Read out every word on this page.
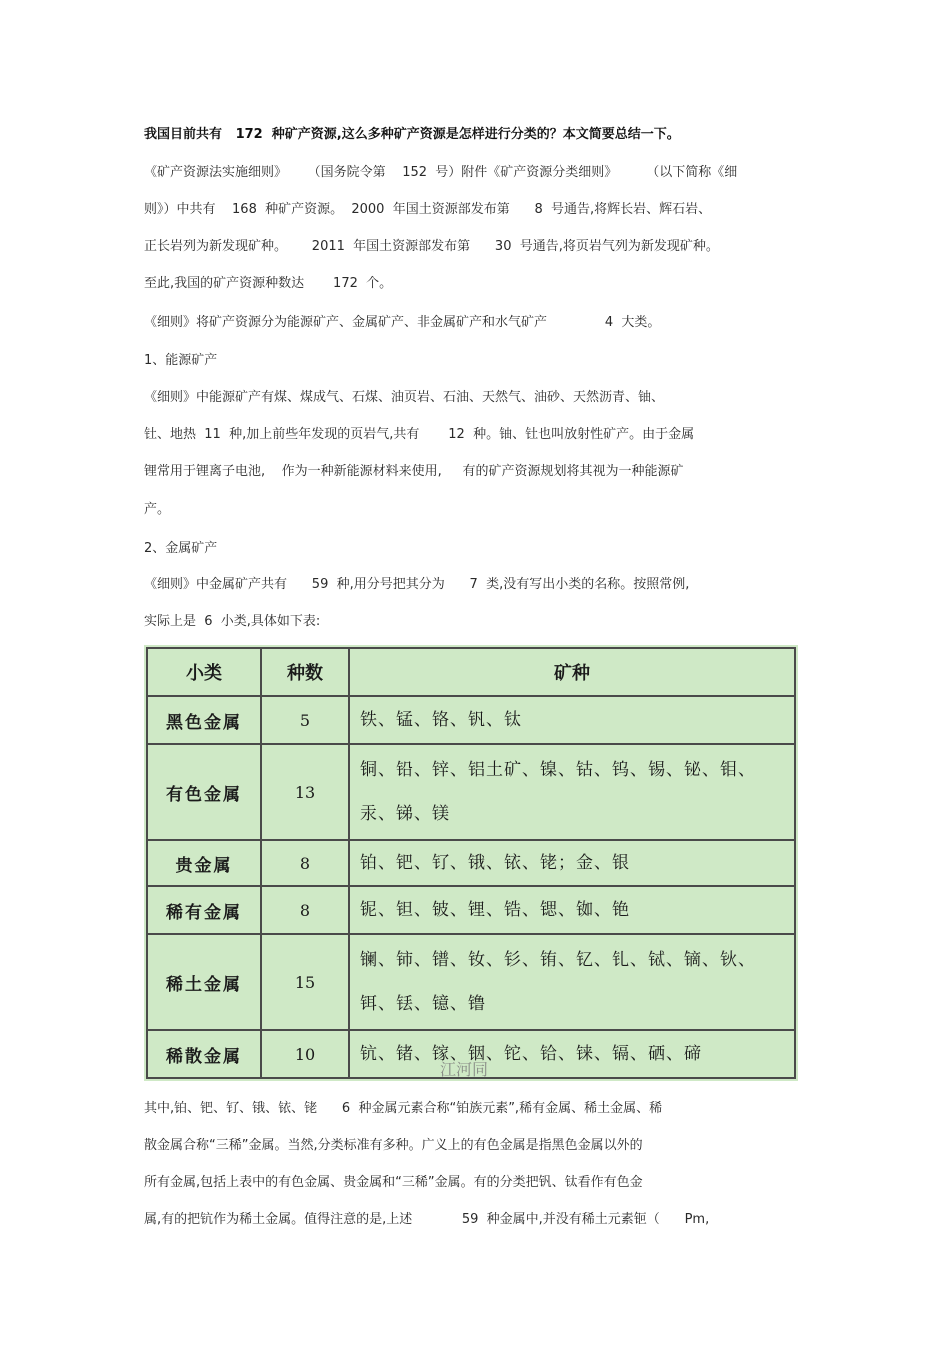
我国目前共有   172  种矿产资源,这么多种矿产资源是怎样进行分类的？本文简要总结一下。
《矿产资源法实施细则》     （国务院令第    152  号）附件《矿产资源分类细则》       （以下简称《细
则》）中共有    168  种矿产资源。  2000  年国土资源部发布第      8  号通告,将辉长岩、辉石岩、
正长岩列为新发现矿种。      2011  年国土资源部发布第      30  号通告,将页岩气列为新发现矿种。
至此,我国的矿产资源种数达       172  个。
《细则》将矿产资源分为能源矿产、金属矿产、非金属矿产和水气矿产              4  大类。
1、能源矿产
《细则》中能源矿产有煤、煤成气、石煤、油页岩、石油、天然气、油砂、天然沥青、铀、
钍、地热  11  种,加上前些年发现的页岩气,共有       12  种。铀、钍也叫放射性矿产。由于金属
锂常用于锂离子电池,    作为一种新能源材料来使用,     有的矿产资源规划将其视为一种能源矿
产。
2、金属矿产
《细则》中金属矿产共有      59  种,用分号把其分为      7  类,没有写出小类的名称。按照常例,
实际上是  6  小类,具体如下表:
小类	种数	矿种
黑色金属	5	铁、锰、铬、钒、钛
有色金属	13	铜、铅、锌、铝土矿、镍、钴、钨、锡、铋、钼、汞、锑、镁
贵金属	8	铂、钯、钌、锇、铱、铑；金、银
稀有金属	8	铌、钽、铍、锂、锆、锶、铷、铯
稀土金属	15	镧、铈、镨、钕、钐、铕、钇、钆、铽、镝、钬、铒、铥、镱、镥
稀散金属	10	钪、锗、镓、铟、铊、铪、铼、镉、硒、碲
江河同
其中,铂、钯、钌、锇、铱、铑      6  种金属元素合称“铂族元素”,稀有金属、稀土金属、稀
散金属合称“三稀”金属。当然,分类标准有多种。广义上的有色金属是指黑色金属以外的
所有金属,包括上表中的有色金属、贵金属和“三稀”金属。有的分类把钒、钛看作有色金
属,有的把钪作为稀土金属。值得注意的是,上述            59  种金属中,并没有稀土元素钷（      Pm,
